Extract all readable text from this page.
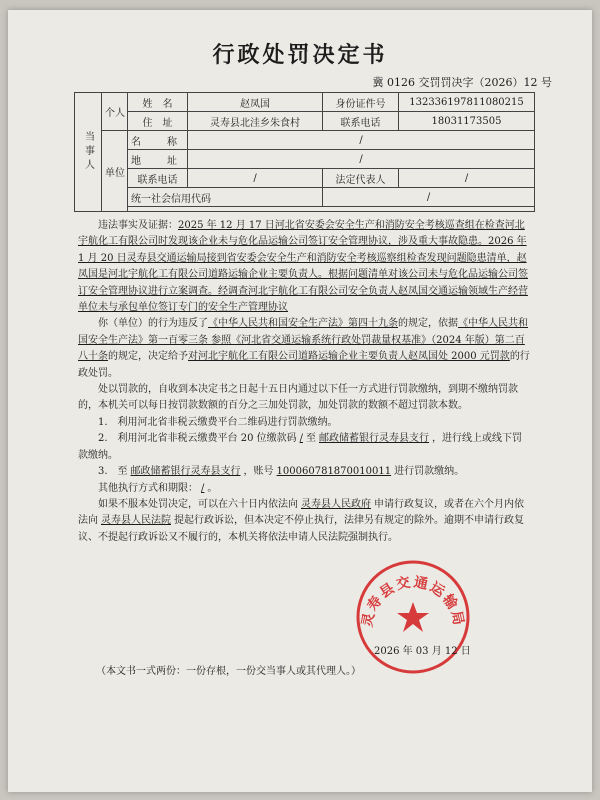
行政处罚决定书
冀 0126 交罚罚决字（2026）12 号
当事人	个人	姓　名	赵凤国	身份证件号	132336197811080215
		住　址	灵寿县北洼乡朱食村	联系电话	18031173505
	单位	名　称	/		
		地　址	/		
		联系电话	/	法定代表人	/
		统一社会信用代码		/	

违法事实及证据：2025 年 12 月 17 日河北省安委会安全生产和消防安全考核巡查组在检查河北宇航化工有限公司时发现该企业未与危化品运输公司签订安全管理协议，涉及重大事故隐患。2026 年 1 月 20 日灵寿县交通运输局接到省安委会安全生产和消防安全考核巡察组检查发现问题隐患清单，赵凤国是河北宇航化工有限公司道路运输企业主要负责人。根据问题清单对该公司未与危化品运输公司签订安全管理协议进行立案调查。经调查河北宇航化工有限公司安全负责人赵凤国交通运输领域生产经营单位未与承包单位签订专门的安全生产管理协议

你（单位）的行为违反了《中华人民共和国安全生产法》第四十九条的规定，依据《中华人民共和国安全生产法》第一百零三条 参照《河北省交通运输系统行政处罚裁量权基准》（2024 年版）第二百八十条的规定，决定给予对河北宇航化工有限公司道路运输企业主要负责人赵凤国处 2000 元罚款的行政处罚。

处以罚款的，自收到本决定书之日起十五日内通过以下任一方式进行罚款缴纳，到期不缴纳罚款的，本机关可以每日按罚款数额的百分之三加处罚款，加处罚款的数额不超过罚款本数。

1.　利用河北省非税云缴费平台二维码进行罚款缴纳。

2.　利用河北省非税云缴费平台 20 位缴款码 / 至 邮政储蓄银行灵寿县支行 ，进行线上或线下罚款缴纳。

3.　至 邮政储蓄银行灵寿县支行 ，账号 100060781870010011 进行罚款缴纳。

其他执行方式和期限： / 。

如果不服本处罚决定，可以在六十日内依法向 灵寿县人民政府 申请行政复议，或者在六个月内依法向 灵寿县人民法院 提起行政诉讼，但本决定不停止执行，法律另有规定的除外。逾期不申请行政复议、不提起行政诉讼又不履行的，本机关将依法申请人民法院强制执行。

灵寿县交通运输局
2026 年 03 月 12 日
（本文书一式两份：一份存根，一份交当事人或其代理人。）
